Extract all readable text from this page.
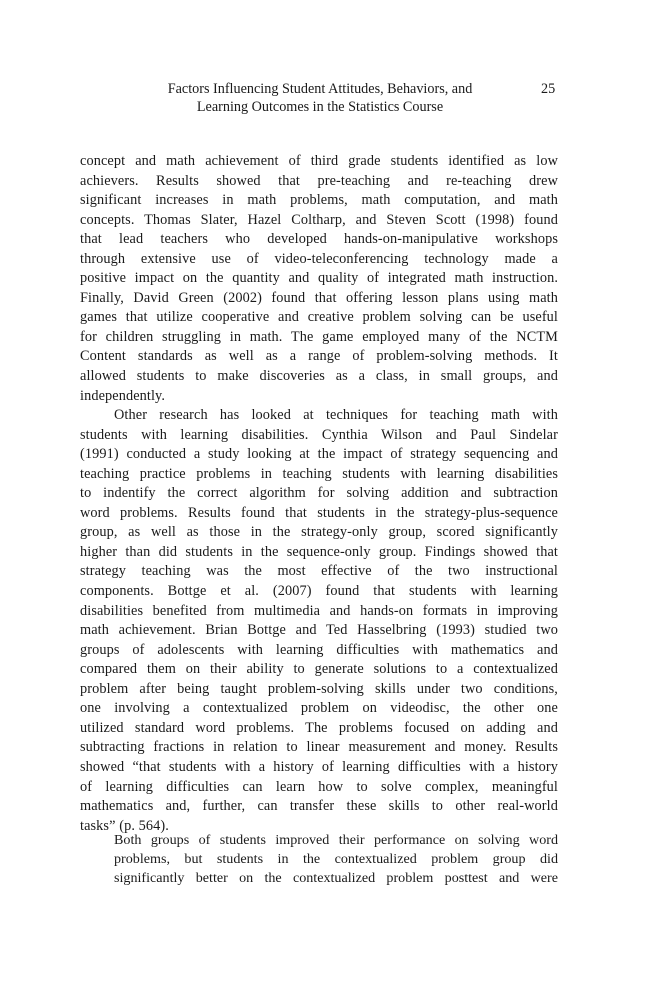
Factors Influencing Student Attitudes, Behaviors, and
Learning Outcomes in the Statistics Course
25
concept and math achievement of third grade students identified as low
achievers. Results showed that pre-teaching and re-teaching drew
significant increases in math problems, math computation, and math
concepts. Thomas Slater, Hazel Coltharp, and Steven Scott (1998) found
that lead teachers who developed hands-on-manipulative workshops
through extensive use of video-teleconferencing technology made a
positive impact on the quantity and quality of integrated math instruction.
Finally, David Green (2002) found that offering lesson plans using math
games that utilize cooperative and creative problem solving can be useful
for children struggling in math. The game employed many of the NCTM
Content standards as well as a range of problem-solving methods. It
allowed students to make discoveries as a class, in small groups, and
independently.
Other research has looked at techniques for teaching math with
students with learning disabilities. Cynthia Wilson and Paul Sindelar
(1991) conducted a study looking at the impact of strategy sequencing and
teaching practice problems in teaching students with learning disabilities
to indentify the correct algorithm for solving addition and subtraction
word problems. Results found that students in the strategy-plus-sequence
group, as well as those in the strategy-only group, scored significantly
higher than did students in the sequence-only group. Findings showed that
strategy teaching was the most effective of the two instructional
components. Bottge et al. (2007) found that students with learning
disabilities benefited from multimedia and hands-on formats in improving
math achievement. Brian Bottge and Ted Hasselbring (1993) studied two
groups of adolescents with learning difficulties with mathematics and
compared them on their ability to generate solutions to a contextualized
problem after being taught problem-solving skills under two conditions,
one involving a contextualized problem on videodisc, the other one
utilized standard word problems. The problems focused on adding and
subtracting fractions in relation to linear measurement and money. Results
showed “that students with a history of learning difficulties with a history
of learning difficulties can learn how to solve complex, meaningful
mathematics and, further, can transfer these skills to other real-world
tasks” (p. 564).
Both groups of students improved their performance on solving word
problems, but students in the contextualized problem group did
significantly better on the contextualized problem posttest and were
